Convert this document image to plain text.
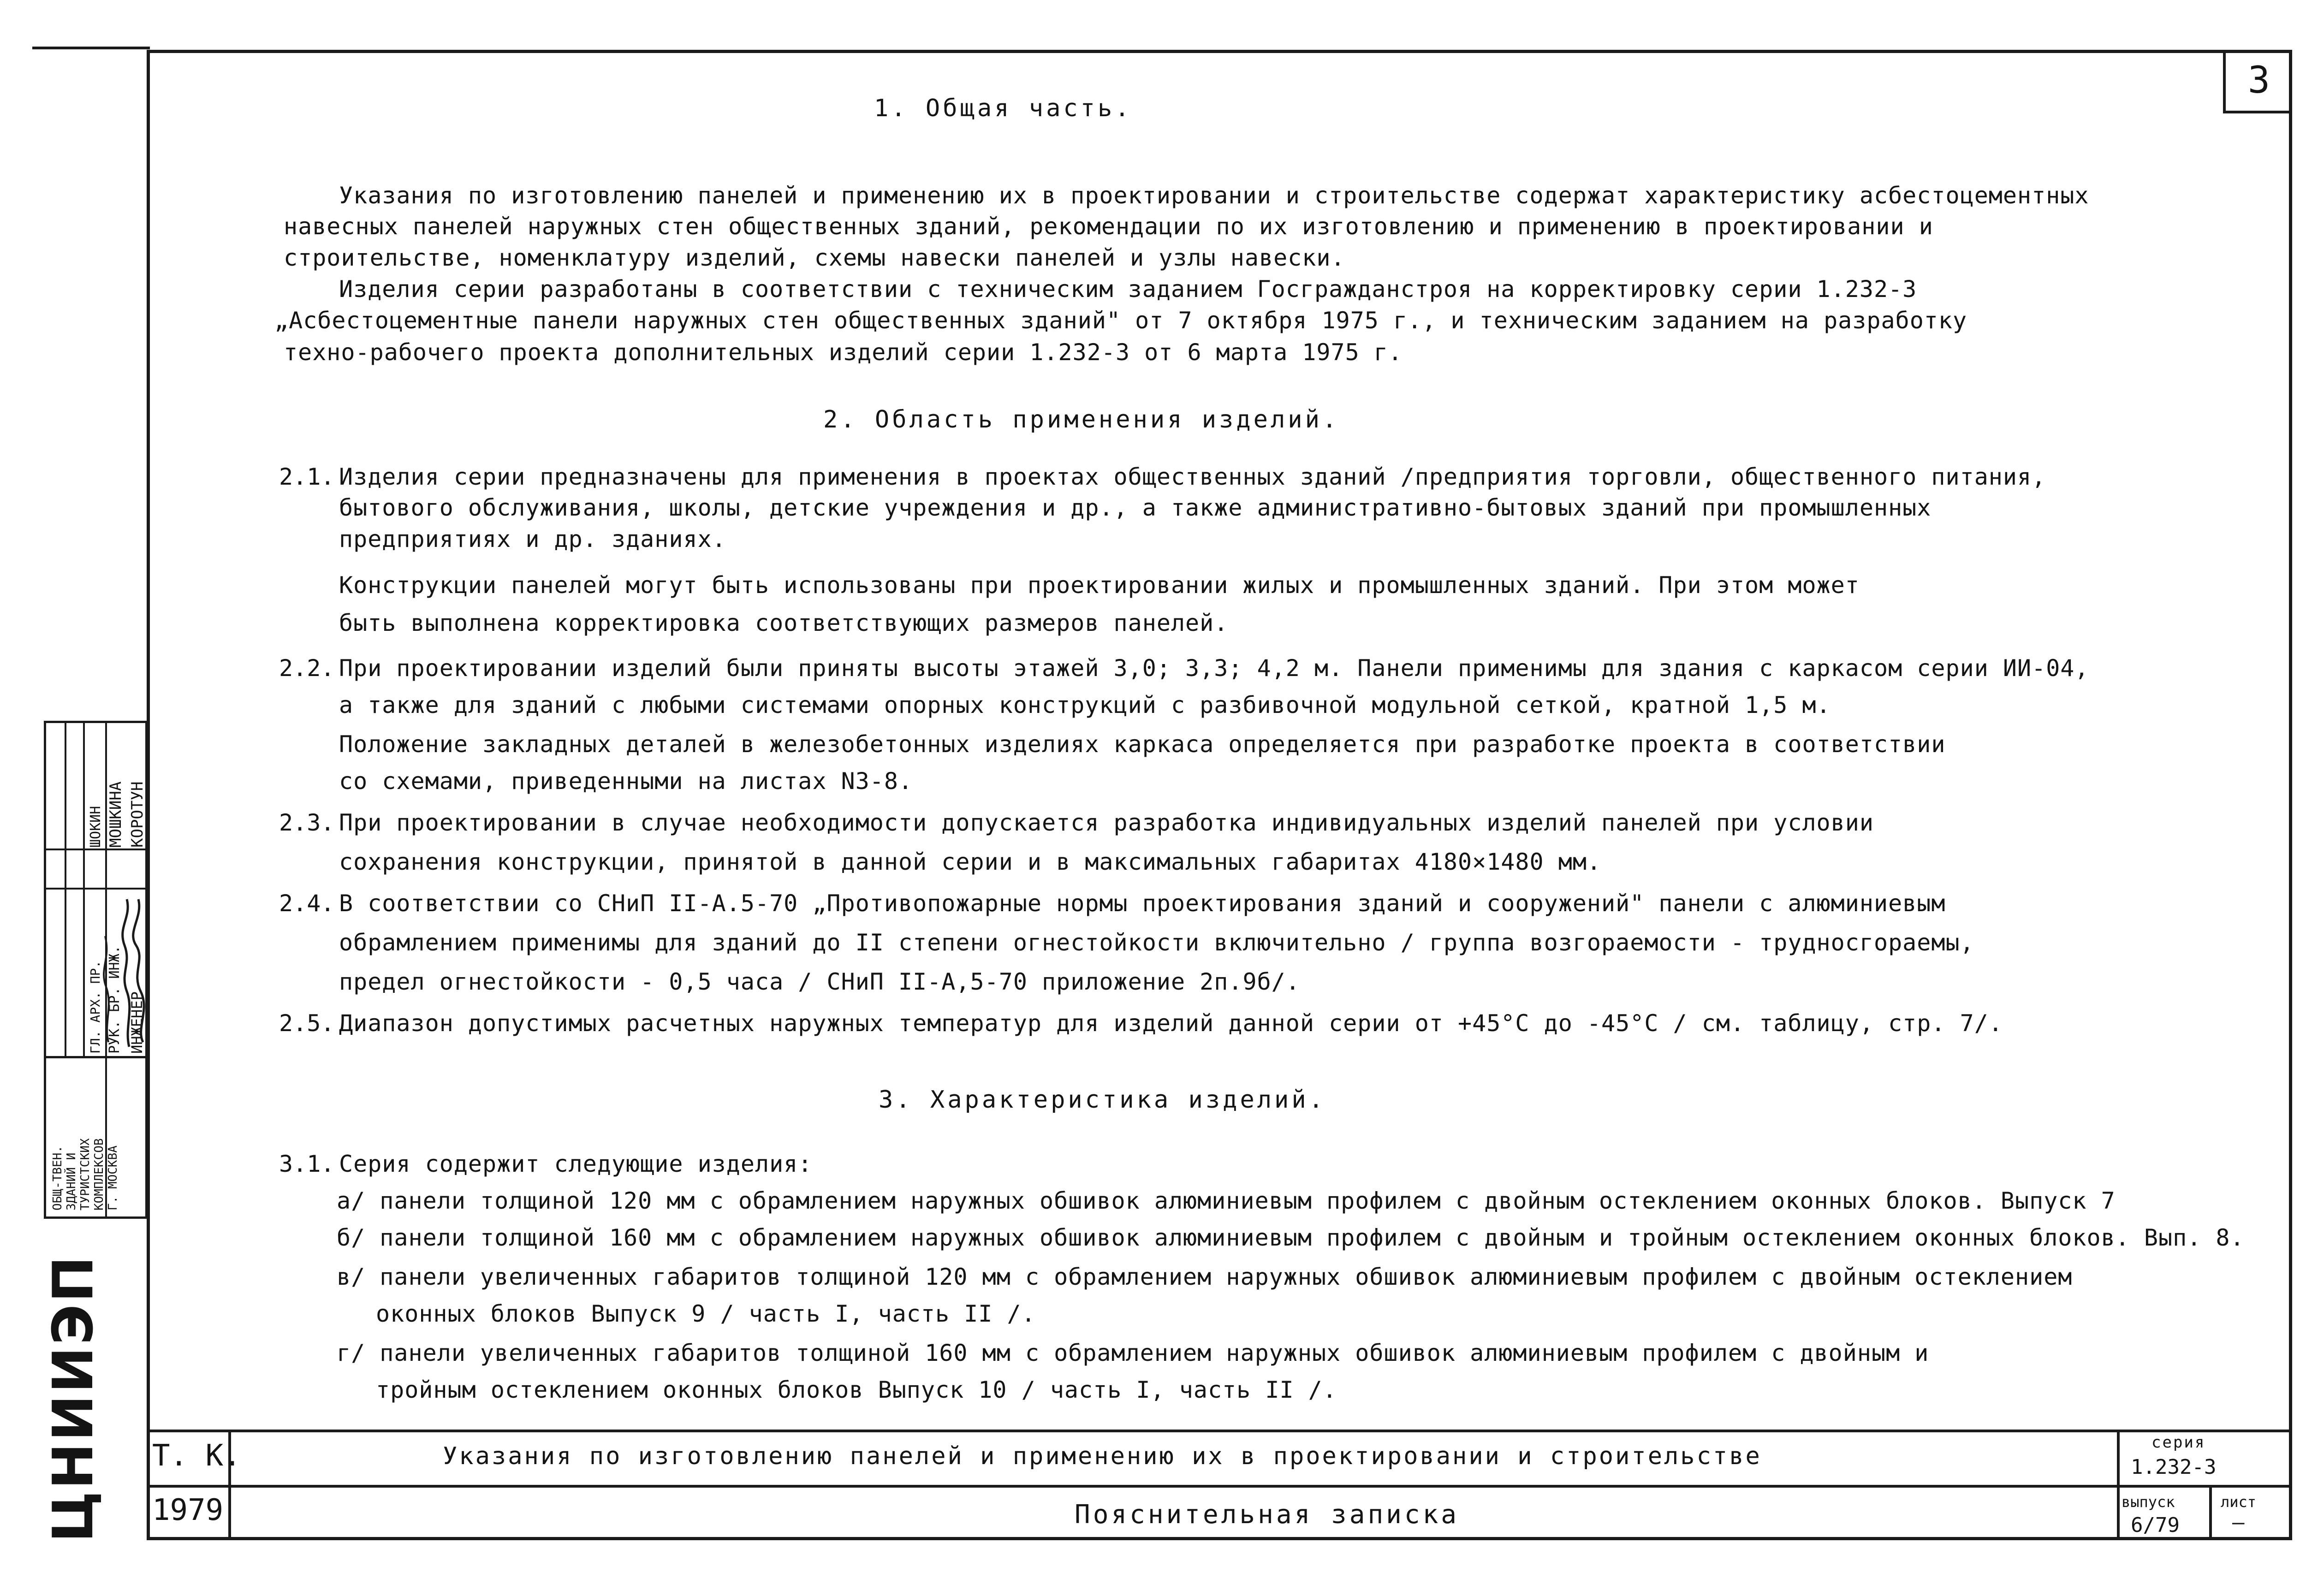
3
1. Общая часть.
Указания по изготовлению панелей и применению их в проектировании и строительстве содержат характеристику асбестоцементных
навесных панелей наружных стен общественных зданий, рекомендации по их изготовлению и применению в проектировании и
строительстве, номенклатуру изделий, схемы навески панелей и узлы навески.
Изделия серии разработаны в соответствии с техническим заданием Госгражданстроя на корректировку серии 1.232-3
„Асбестоцементные панели наружных стен общественных зданий" от 7 октября 1975 г., и техническим заданием на разработку
техно-рабочего проекта дополнительных изделий серии 1.232-3 от 6 марта 1975 г.
2. Область применения изделий.
2.1. Изделия серии предназначены для применения в проектах общественных зданий /предприятия торговли, общественного питания,
бытового обслуживания, школы, детские учреждения и др., а также административно-бытовых зданий при промышленных
предприятиях и др. зданиях.
Конструкции панелей могут быть использованы при проектировании жилых и промышленных зданий. При этом может
быть выполнена корректировка соответствующих размеров панелей.
2.2. При проектировании изделий были приняты высоты этажей 3,0; 3,3; 4,2 м. Панели применимы для здания с каркасом серии ИИ-04,
а также для зданий с любыми системами опорных конструкций с разбивочной модульной сеткой, кратной 1,5 м.
Положение закладных деталей в железобетонных изделиях каркаса определяется при разработке проекта в соответствии
со схемами, приведенными на листах N3-8.
2.3. При проектировании в случае необходимости допускается разработка индивидуальных изделий панелей при условии
сохранения конструкции, принятой в данной серии и в максимальных габаритах 4180×1480 мм.
2.4. В соответствии со СНиП II-А.5-70 „Противопожарные нормы проектирования зданий и сооружений" панели с алюминиевым
обрамлением применимы для зданий до II степени огнестойкости включительно / группа возгораемости - трудносгораемы,
предел огнестойкости - 0,5 часа / СНиП II-А,5-70 приложение 2п.9б/.
2.5. Диапазон допустимых расчетных наружных температур для изделий данной серии от +45°С до -45°С / см. таблицу, стр. 7/.
3. Характеристика изделий.
3.1. Серия содержит следующие изделия:
а/ панели толщиной 120 мм с обрамлением наружных обшивок алюминиевым профилем с двойным остеклением оконных блоков. Выпуск 7
б/ панели толщиной 160 мм с обрамлением наружных обшивок алюминиевым профилем с двойным и тройным остеклением оконных блоков. Вып. 8.
в/ панели увеличенных габаритов толщиной 120 мм с обрамлением наружных обшивок алюминиевым профилем с двойным остеклением
оконных блоков Выпуск 9 / часть I, часть II /.
г/ панели увеличенных габаритов толщиной 160 мм с обрамлением наружных обшивок алюминиевым профилем с двойным и
тройным остеклением оконных блоков Выпуск 10 / часть I, часть II /.
Т. К.
1979
Указания по изготовлению панелей и применению их в проектировании и строительстве
Пояснительная записка
серия
1.232-3
выпуск
6/79
лист
—
КОРОТУН
МОШКИНА
ШОКИН
ИНЖЕНЕР
РУК. БР. ИНЖ.
ГЛ. АРХ. ПР.
ОБЩ-ТВЕН. ЗДАНИЙ И ТУРИСТСКИХ КОМПЛЕКСОВ Г. МОСКВА
ЦНИИЭП
